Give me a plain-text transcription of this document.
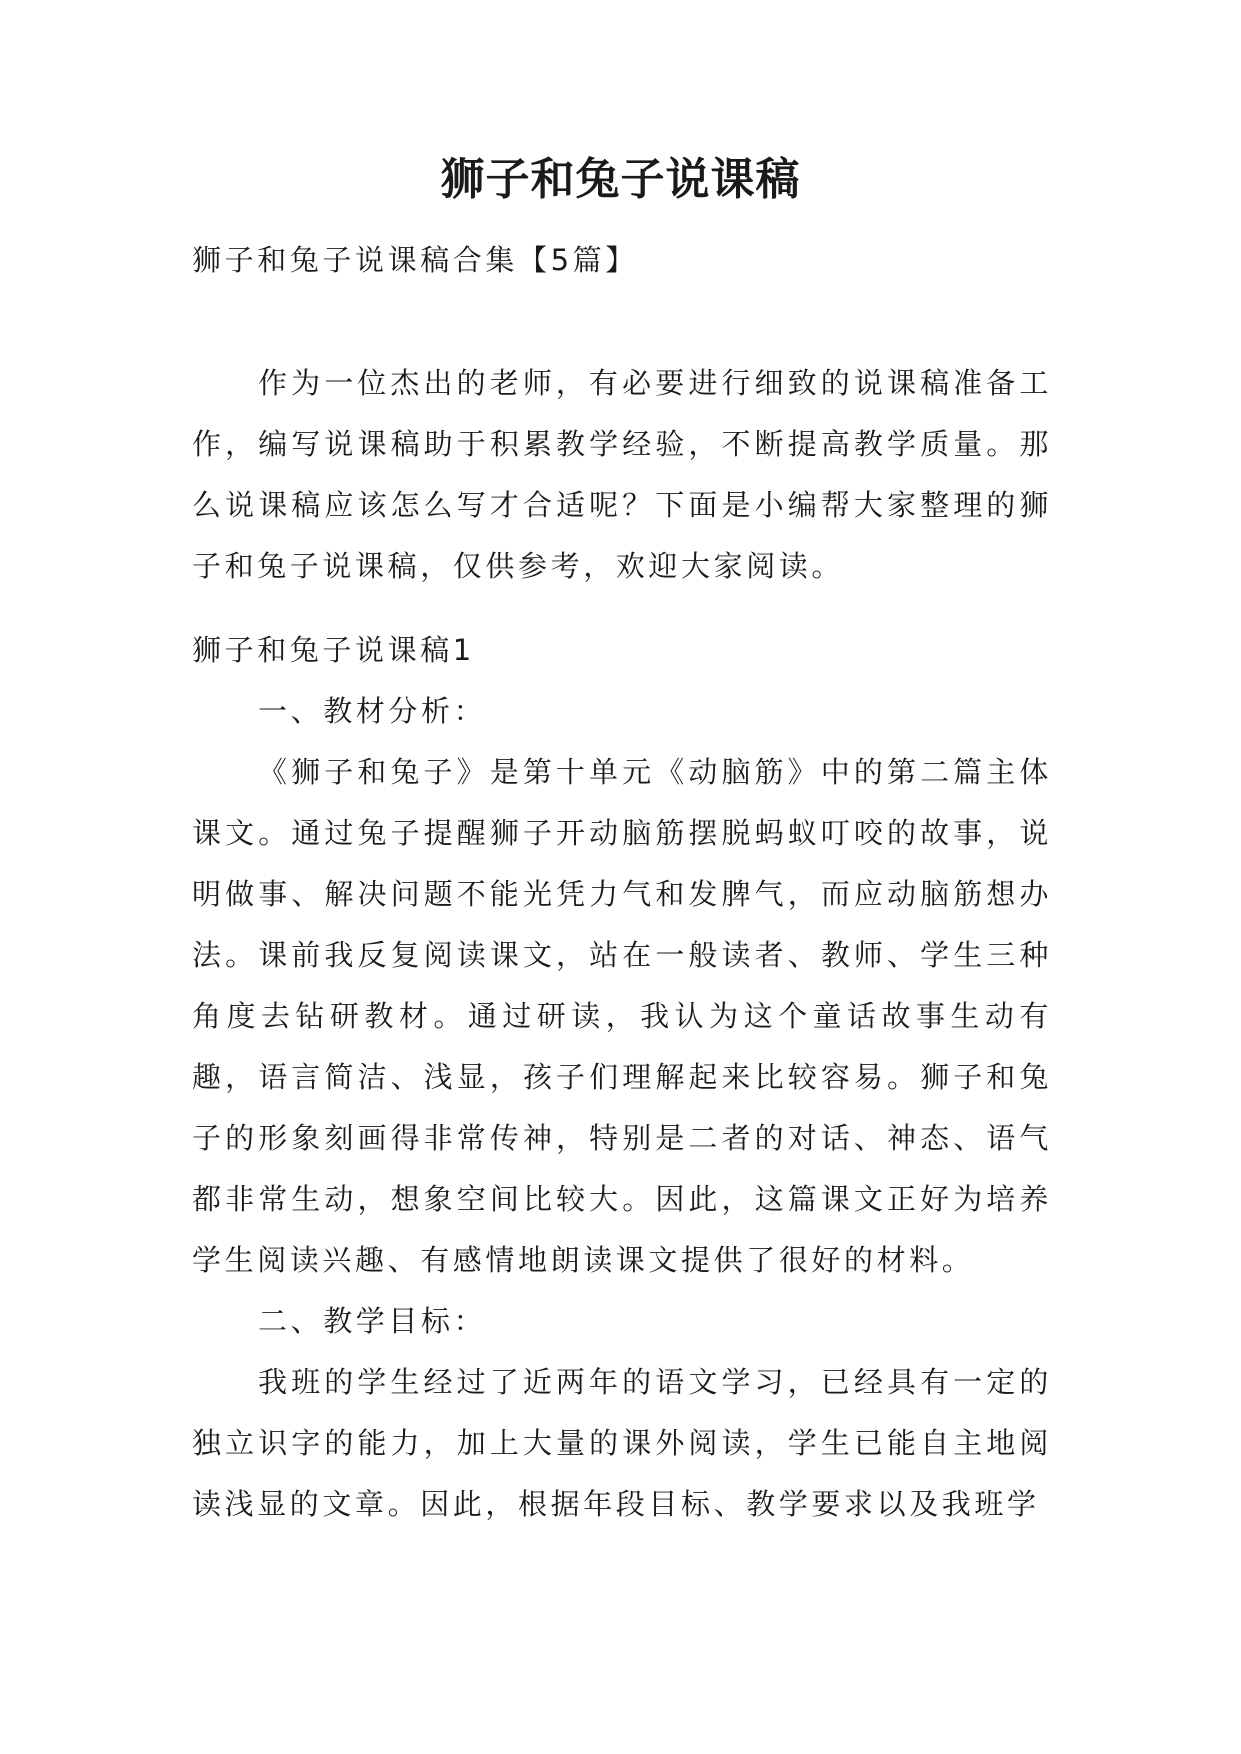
狮子和兔子说课稿

狮子和兔子说课稿合集【5篇】

作为一位杰出的老师，有必要进行细致的说课稿准备工作，编写说课稿助于积累教学经验，不断提高教学质量。那么说课稿应该怎么写才合适呢？下面是小编帮大家整理的狮子和兔子说课稿，仅供参考，欢迎大家阅读。

狮子和兔子说课稿1

一、教材分析：

《狮子和兔子》是第十单元《动脑筋》中的第二篇主体课文。通过兔子提醒狮子开动脑筋摆脱蚂蚁叮咬的故事，说明做事、解决问题不能光凭力气和发脾气，而应动脑筋想办法。课前我反复阅读课文，站在一般读者、教师、学生三种角度去钻研教材。通过研读，我认为这个童话故事生动有趣，语言简洁、浅显，孩子们理解起来比较容易。狮子和兔子的形象刻画得非常传神，特别是二者的对话、神态、语气都非常生动，想象空间比较大。因此，这篇课文正好为培养学生阅读兴趣、有感情地朗读课文提供了很好的材料。

二、教学目标：

我班的学生经过了近两年的语文学习，已经具有一定的独立识字的能力，加上大量的课外阅读，学生已能自主地阅读浅显的文章。因此，根据年段目标、教学要求以及我班学
